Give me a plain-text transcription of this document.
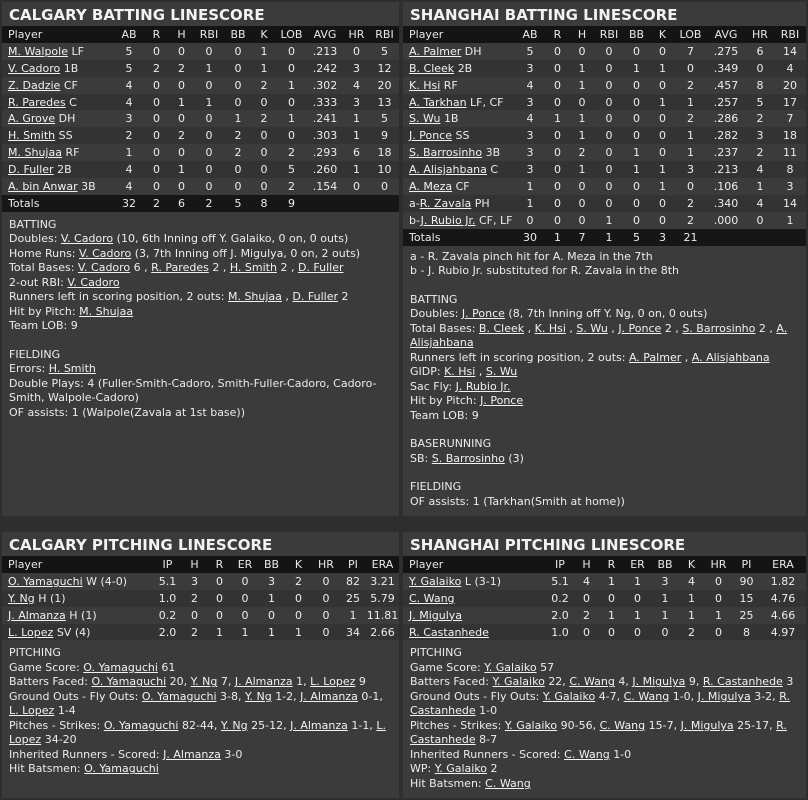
CALGARY BATTING LINESCORE
Player	AB	R	H	RBI	BB	K	LOB	AVG	HR	RBI
M. Walpole LF	5	0	0	0	0	1	0	.213	0	5
V. Cadoro 1B	5	2	2	1	0	1	0	.242	3	12
Z. Dadzie CF	4	0	0	0	0	2	1	.302	4	20
R. Paredes C	4	0	1	1	0	0	0	.333	3	13
A. Grove DH	3	0	0	0	1	2	1	.241	1	5
H. Smith SS	2	0	2	0	2	0	0	.303	1	9
M. Shujaa RF	1	0	0	0	2	0	2	.293	6	18
D. Fuller 2B	4	0	1	0	0	0	5	.260	1	10
A. bin Anwar 3B	4	0	0	0	0	0	2	.154	0	0
Totals	32	2	6	2	5	8	9			
BATTING
Doubles: V. Cadoro (10, 6th Inning off Y. Galaiko, 0 on, 0 outs)
Home Runs: V. Cadoro (3, 7th Inning off J. Migulya, 0 on, 2 outs)
Total Bases: V. Cadoro 6 , R. Paredes 2 , H. Smith 2 , D. Fuller
2-out RBI: V. Cadoro
Runners left in scoring position, 2 outs: M. Shujaa , D. Fuller 2
Hit by Pitch: M. Shujaa
Team LOB: 9
FIELDING
Errors: H. Smith
Double Plays: 4 (Fuller-Smith-Cadoro, Smith-Fuller-Cadoro, Cadoro-Smith, Walpole-Cadoro)
OF assists: 1 (Walpole(Zavala at 1st base))
SHANGHAI BATTING LINESCORE
Player	AB	R	H	RBI	BB	K	LOB	AVG	HR	RBI
A. Palmer DH	5	0	0	0	0	0	7	.275	6	14
B. Cleek 2B	3	0	1	0	1	1	0	.349	0	4
K. Hsi RF	4	0	1	0	0	0	2	.457	8	20
A. Tarkhan LF, CF	3	0	0	0	0	1	1	.257	5	17
S. Wu 1B	4	1	1	0	0	0	2	.286	2	7
J. Ponce SS	3	0	1	0	0	0	1	.282	3	18
S. Barrosinho 3B	3	0	2	0	1	0	1	.237	2	11
A. Alisjahbana C	3	0	1	0	1	1	3	.213	4	8
A. Meza CF	1	0	0	0	0	1	0	.106	1	3
a-R. Zavala PH	1	0	0	0	0	0	2	.340	4	14
b-J. Rubio Jr. CF, LF	0	0	0	1	0	0	2	.000	0	1
Totals	30	1	7	1	5	3	21			
a - R. Zavala pinch hit for A. Meza in the 7th
b - J. Rubio Jr. substituted for R. Zavala in the 8th
BATTING
Doubles: J. Ponce (8, 7th Inning off Y. Ng, 0 on, 0 outs)
Total Bases: B. Cleek , K. Hsi , S. Wu , J. Ponce 2 , S. Barrosinho 2 , A. Alisjahbana
Runners left in scoring position, 2 outs: A. Palmer , A. Alisjahbana
GIDP: K. Hsi , S. Wu
Sac Fly: J. Rubio Jr.
Hit by Pitch: J. Ponce
Team LOB: 9
BASERUNNING
SB: S. Barrosinho (3)
FIELDING
OF assists: 1 (Tarkhan(Smith at home))
CALGARY PITCHING LINESCORE
Player	IP	H	R	ER	BB	K	HR	PI	ERA
O. Yamaguchi W (4-0)	5.1	3	0	0	3	2	0	82	3.21
Y. Ng H (1)	1.0	2	0	0	1	0	0	25	5.79
J. Almanza H (1)	0.2	0	0	0	0	0	0	1	11.81
L. Lopez SV (4)	2.0	2	1	1	1	1	0	34	2.66
PITCHING
Game Score: O. Yamaguchi 61
Batters Faced: O. Yamaguchi 20, Y. Ng 7, J. Almanza 1, L. Lopez 9
Ground Outs - Fly Outs: O. Yamaguchi 3-8, Y. Ng 1-2, J. Almanza 0-1, L. Lopez 1-4
Pitches - Strikes: O. Yamaguchi 82-44, Y. Ng 25-12, J. Almanza 1-1, L. Lopez 34-20
Inherited Runners - Scored: J. Almanza 3-0
Hit Batsmen: O. Yamaguchi
SHANGHAI PITCHING LINESCORE
Player	IP	H	R	ER	BB	K	HR	PI	ERA
Y. Galaiko L (3-1)	5.1	4	1	1	3	4	0	90	1.82
C. Wang	0.2	0	0	0	1	1	0	15	4.76
J. Migulya	2.0	2	1	1	1	1	1	25	4.66
R. Castanhede	1.0	0	0	0	0	2	0	8	4.97
PITCHING
Game Score: Y. Galaiko 57
Batters Faced: Y. Galaiko 22, C. Wang 4, J. Migulya 9, R. Castanhede 3
Ground Outs - Fly Outs: Y. Galaiko 4-7, C. Wang 1-0, J. Migulya 3-2, R. Castanhede 1-0
Pitches - Strikes: Y. Galaiko 90-56, C. Wang 15-7, J. Migulya 25-17, R. Castanhede 8-7
Inherited Runners - Scored: C. Wang 1-0
WP: Y. Galaiko 2
Hit Batsmen: C. Wang
